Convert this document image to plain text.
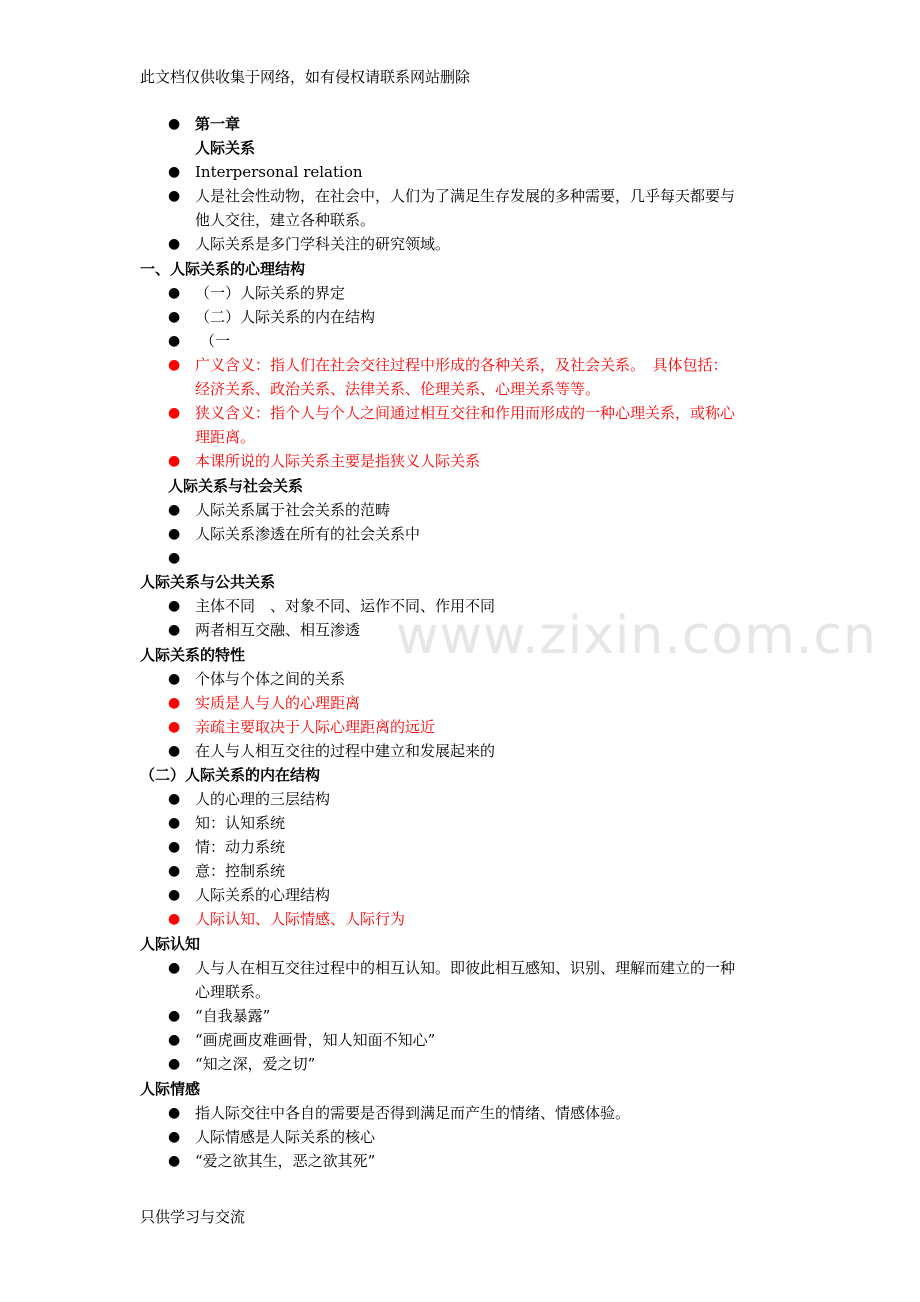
此文档仅供收集于网络，如有侵权请联系网站删除
www.zixin.com.cn
● 第一章
人际关系
● Interpersonal relation
● 人是社会性动物，在社会中，人们为了满足生存发展的多种需要，几乎每天都要与
他人交往，建立各种联系。
● 人际关系是多门学科关注的研究领域。
一、人际关系的心理结构
● （一）人际关系的界定
● （二）人际关系的内在结构
● （一
● 广义含义：指人们在社会交往过程中形成的各种关系，及社会关系。　具体包括：
经济关系、政治关系、法律关系、伦理关系、心理关系等等。
● 狭义含义：指个人与个人之间通过相互交往和作用而形成的一种心理关系，或称心
理距离。
● 本课所说的人际关系主要是指狭义人际关系
人际关系与社会关系
● 人际关系属于社会关系的范畴
● 人际关系渗透在所有的社会关系中
●
人际关系与公共关系
● 主体不同　、对象不同、运作不同、作用不同
● 两者相互交融、相互渗透
人际关系的特性
● 个体与个体之间的关系
● 实质是人与人的心理距离
● 亲疏主要取决于人际心理距离的远近
● 在人与人相互交往的过程中建立和发展起来的
（二）人际关系的内在结构
● 人的心理的三层结构
● 知：认知系统
● 情：动力系统
● 意：控制系统
● 人际关系的心理结构
● 人际认知、人际情感、人际行为
人际认知
● 人与人在相互交往过程中的相互认知。即彼此相互感知、识别、理解而建立的一种
心理联系。
● “自我暴露”
● “画虎画皮难画骨，知人知面不知心”
● “知之深，爱之切”
人际情感
● 指人际交往中各自的需要是否得到满足而产生的情绪、情感体验。
● 人际情感是人际关系的核心
● “爱之欲其生，恶之欲其死”
只供学习与交流
